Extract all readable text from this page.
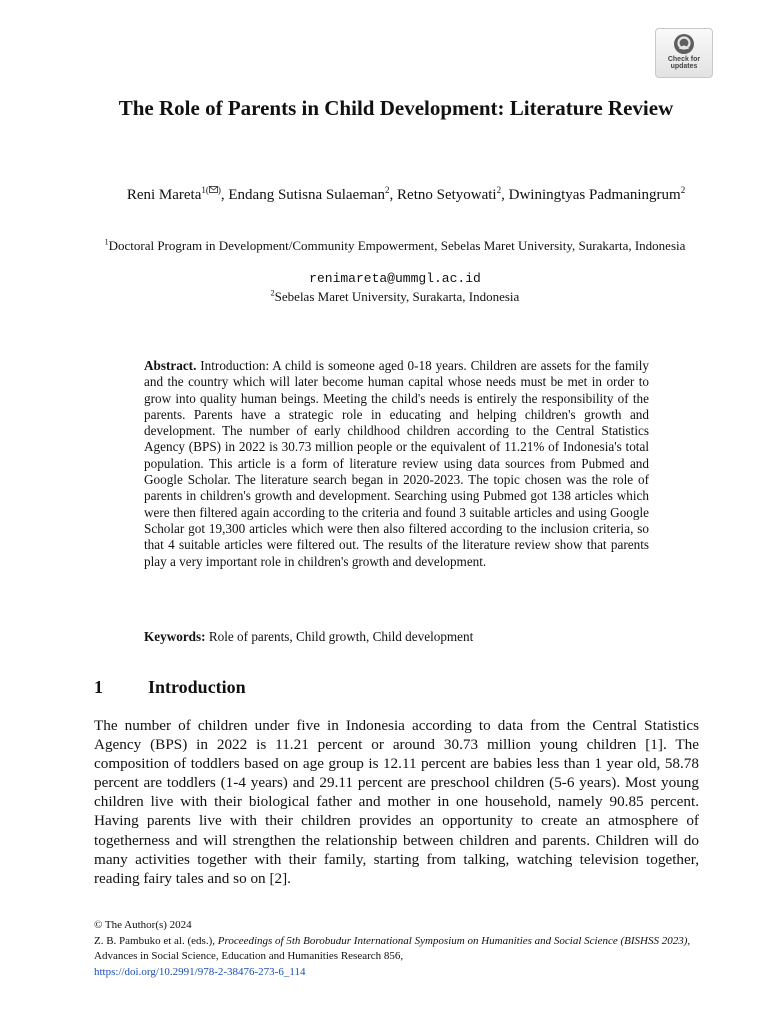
Check for updates
The Role of Parents in Child Development: Literature Review
Reni Mareta$^{1( )}$, Endang Sutisna Sulaeman$^2$, Retno Setyowati$^2$, Dwiningtyas Padmaningrum$^2$
$^1$Doctoral Program in Development/Community Empowerment, Sebelas Maret University, Surakarta, Indonesia
renimareta@ummgl.ac.id
$^2$Sebelas Maret University, Surakarta, Indonesia

Abstract. Introduction: A child is someone aged 0-18 years. Children are assets for the family and the country which will later become human capital whose needs must be met in order to grow into quality human beings. Meeting the child's needs is entirely the responsibility of the parents. Parents have a strategic role in educating and helping children's growth and development. The number of early childhood children according to the Central Statistics Agency (BPS) in 2022 is 30.73 million people or the equivalent of 11.21% of Indonesia's total population. This article is a form of literature review using data sources from Pubmed and Google Scholar. The literature search began in 2020-2023. The topic chosen was the role of parents in children's growth and development. Searching using Pubmed got 138 articles which were then filtered again according to the criteria and found 3 suitable articles and using Google Scholar got 19,300 articles which were then also filtered according to the inclusion criteria, so that 4 suitable articles were filtered out. The results of the literature review show that parents play a very important role in children's growth and development.

Keywords: Role of parents, Child growth, Child development

1	Introduction

The number of children under five in Indonesia according to data from the Central Statistics Agency (BPS) in 2022 is 11.21 percent or around 30.73 million young children [1]. The composition of toddlers based on age group is 12.11 percent are babies less than 1 year old, 58.78 percent are toddlers (1-4 years) and 29.11 percent are preschool children (5-6 years). Most young children live with their biological father and mother in one household, namely 90.85 percent. Having parents live with their children provides an opportunity to create an atmosphere of togetherness and will strengthen the relationship between children and parents. Children will do many activities together with their family, starting from talking, watching television together, reading fairy tales and so on [2].

© The Author(s) 2024
Z. B. Pambuko et al. (eds.), Proceedings of 5th Borobudur International Symposium on Humanities and Social Science (BISHSS 2023), Advances in Social Science, Education and Humanities Research 856,
https://doi.org/10.2991/978-2-38476-273-6_114
